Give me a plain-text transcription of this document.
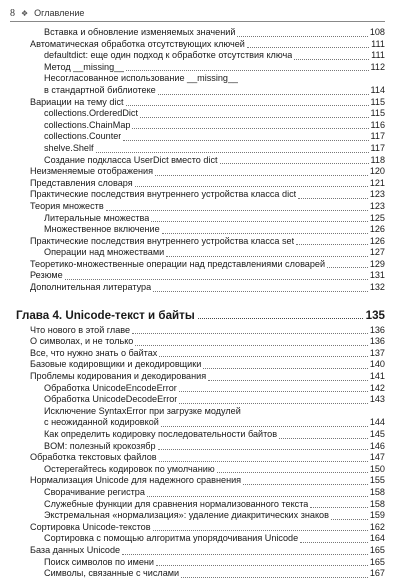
8 ❖ Оглавление
Вставка и обновление изменяемых значений	108
Автоматическая обработка отсутствующих ключей	111
defaultdict: еще один подход к обработке отсутствия ключа	111
Метод __missing__	112
Несогласованное использование __missing__
в стандартной библиотеке	114
Вариации на тему dict	115
collections.OrderedDict	115
collections.ChainMap	116
collections.Counter	117
shelve.Shelf	117
Создание подкласса UserDict вместо dict	118
Неизменяемые отображения	120
Представления словаря	121
Практические последствия внутреннего устройства класса dict	123
Теория множеств	123
Литеральные множества	125
Множественное включение	126
Практические последствия внутреннего устройства класса set	126
Операции над множествами	127
Теоретико-множественные операции над представлениями словарей	129
Резюме	131
Дополнительная литература	132
Глава 4. Unicode-текст и байты	135
Что нового в этой главе	136
О символах, и не только	136
Все, что нужно знать о байтах	137
Базовые кодировщики и декодировщики	140
Проблемы кодирования и декодирования	141
Обработка UnicodeEncodeError	142
Обработка UnicodeDecodeError	143
Исключение SyntaxError при загрузке модулей
с неожиданной кодировкой	144
Как определить кодировку последовательности байтов	145
BOM: полезный крокозябр	146
Обработка текстовых файлов	147
Остерегайтесь кодировок по умолчанию	150
Нормализация Unicode для надежного сравнения	155
Сворачивание регистра	158
Служебные функции для сравнения нормализованного текста	158
Экстремальная «нормализация»: удаление диакритических знаков	159
Сортировка Unicode-текстов	162
Сортировка с помощью алгоритма упорядочивания Unicode	164
База данных Unicode	165
Поиск символов по имени	165
Символы, связанные с числами	167
